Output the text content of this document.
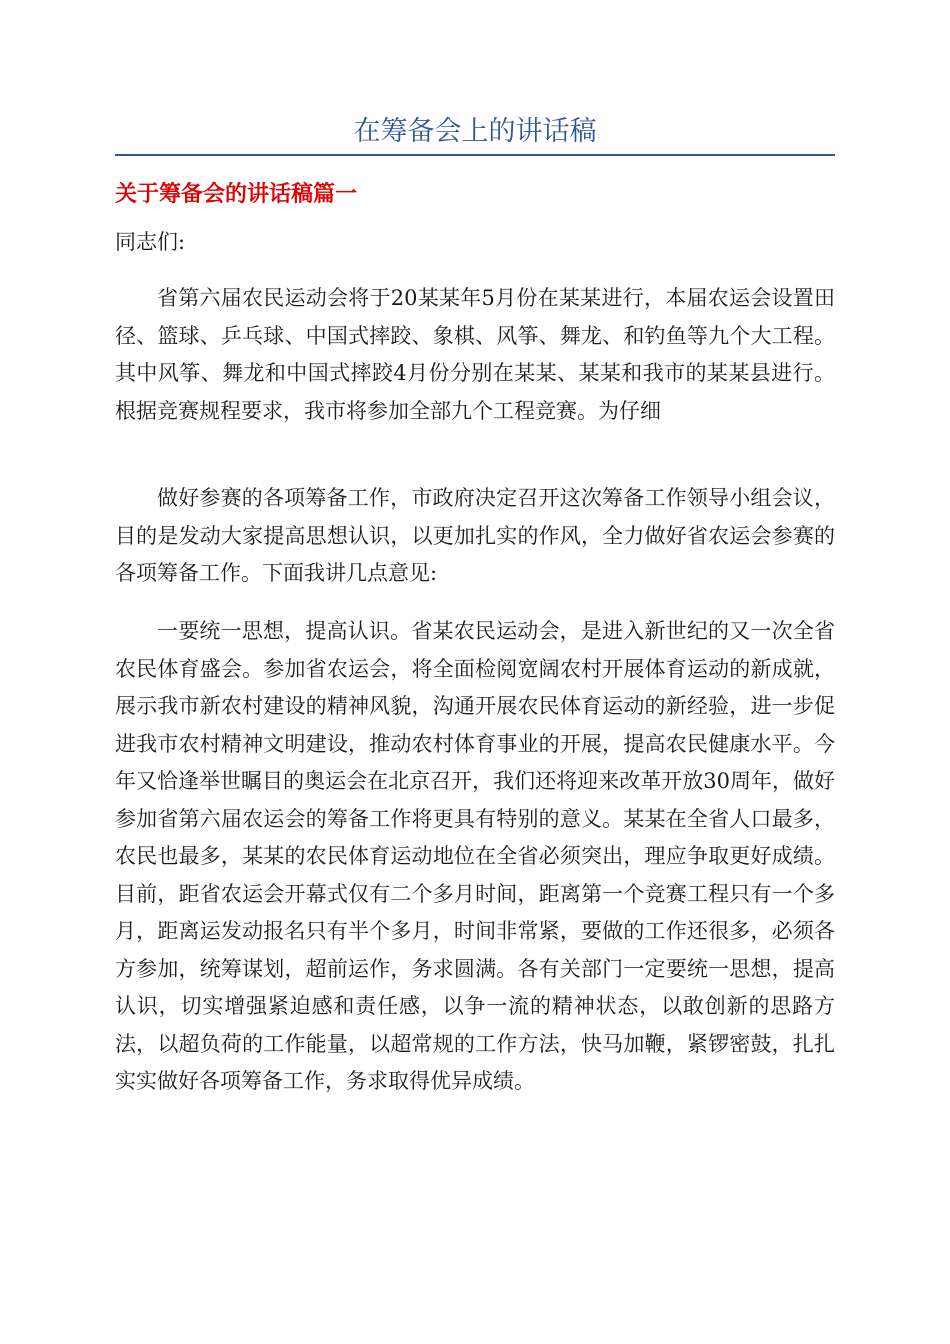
在筹备会上的讲话稿
关于筹备会的讲话稿篇一

同志们:

省第六届农民运动会将于20某某年5月份在某某进行，本届农运会设置田径、篮球、乒乓球、中国式摔跤、象棋、风筝、舞龙、和钓鱼等九个大工程。其中风筝、舞龙和中国式摔跤4月份分别在某某、某某和我市的某某县进行。根据竞赛规程要求，我市将参加全部九个工程竞赛。为仔细

做好参赛的各项筹备工作，市政府决定召开这次筹备工作领导小组会议，目的是发动大家提高思想认识，以更加扎实的作风，全力做好省农运会参赛的各项筹备工作。下面我讲几点意见:

一要统一思想，提高认识。省某农民运动会，是进入新世纪的又一次全省农民体育盛会。参加省农运会，将全面检阅宽阔农村开展体育运动的新成就，展示我市新农村建设的精神风貌，沟通开展农民体育运动的新经验，进一步促进我市农村精神文明建设，推动农村体育事业的开展，提高农民健康水平。今年又恰逢举世瞩目的奥运会在北京召开，我们还将迎来改革开放30周年，做好参加省第六届农运会的筹备工作将更具有特别的意义。某某在全省人口最多，农民也最多，某某的农民体育运动地位在全省必须突出，理应争取更好成绩。目前，距省农运会开幕式仅有二个多月时间，距离第一个竞赛工程只有一个多月，距离运发动报名只有半个多月，时间非常紧，要做的工作还很多，必须各方参加，统筹谋划，超前运作，务求圆满。各有关部门一定要统一思想，提高认识，切实增强紧迫感和责任感，以争一流的精神状态，以敢创新的思路方法，以超负荷的工作能量，以超常规的工作方法，快马加鞭，紧锣密鼓，扎扎实实做好各项筹备工作，务求取得优异成绩。
